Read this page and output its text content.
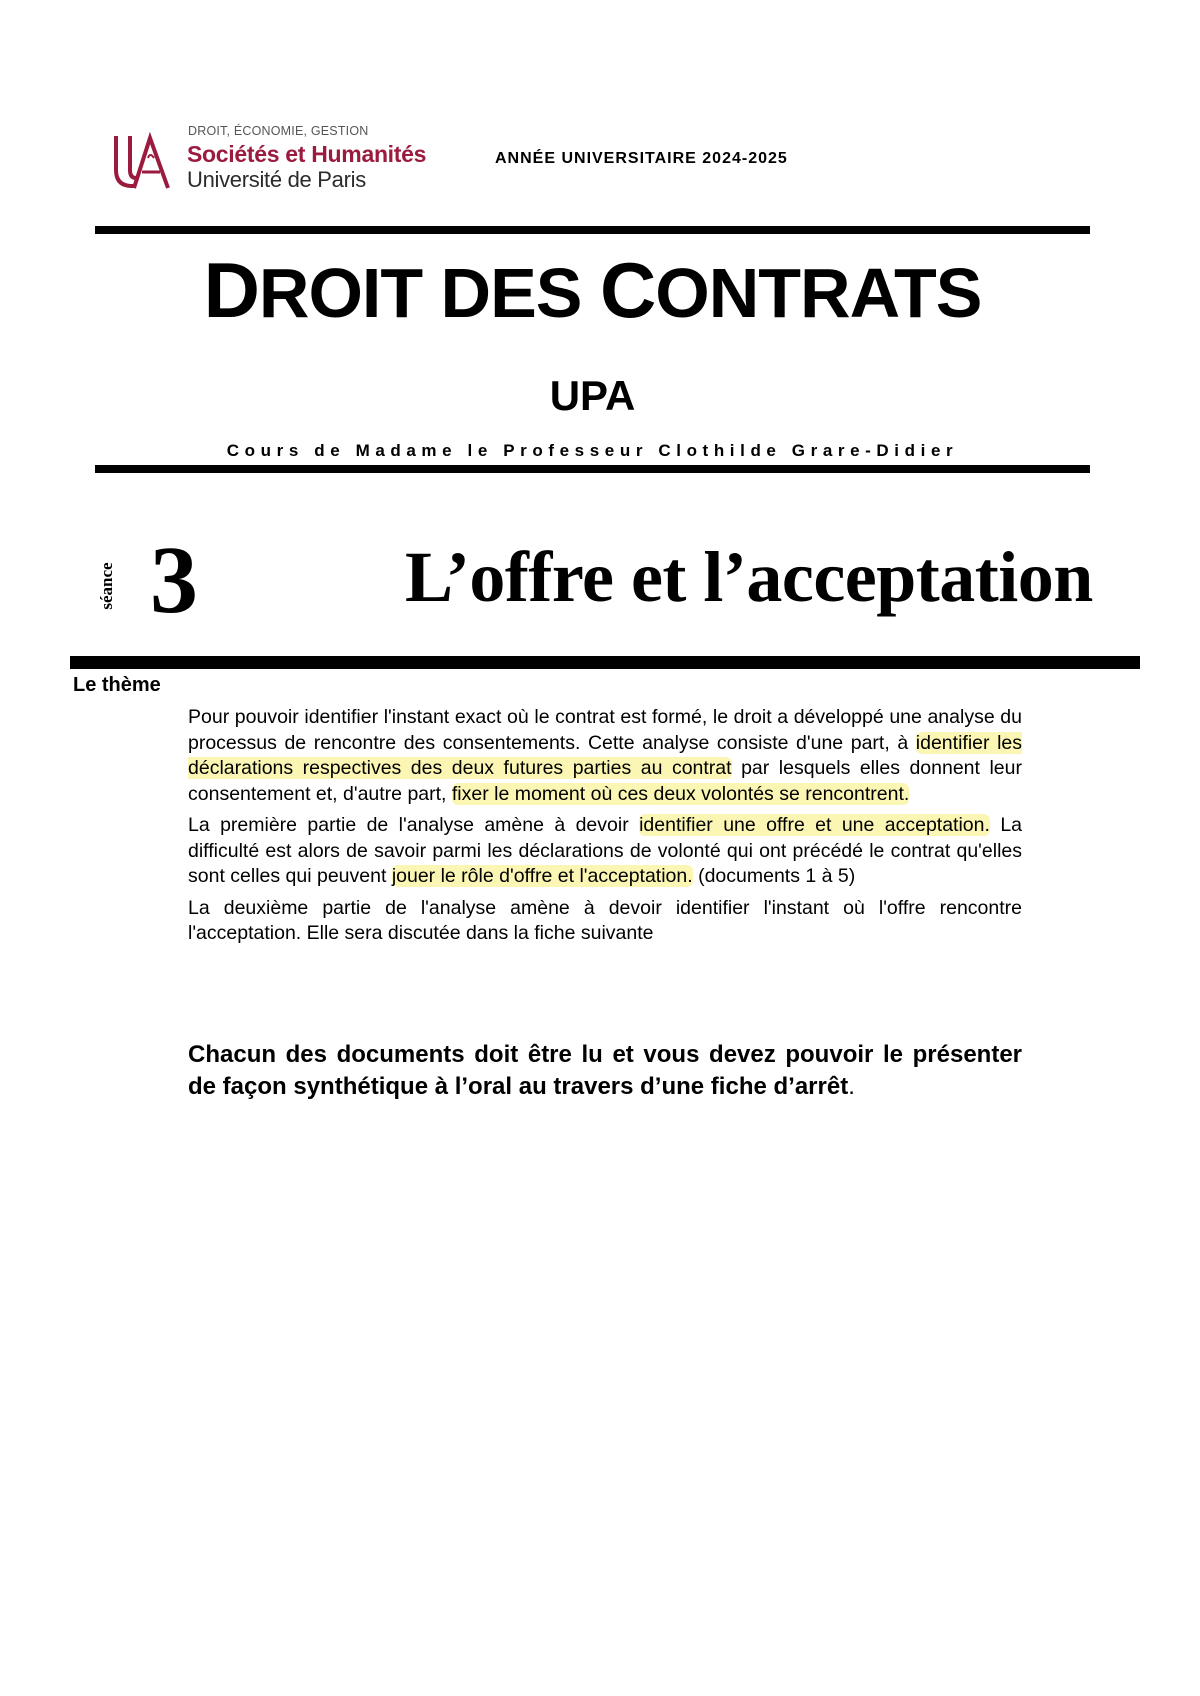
DROIT, ÉCONOMIE, GESTION
Sociétés et Humanités
Université de Paris
ANNÉE UNIVERSITAIRE 2024-2025
DROIT DES CONTRATS
UPA
Cours de Madame le Professeur Clothilde Grare-Didier
séance 3	L’offre et l’acceptation
Le thème

Pour pouvoir identifier l'instant exact où le contrat est formé, le droit a développé une analyse du processus de rencontre des consentements. Cette analyse consiste d'une part, à identifier les déclarations respectives des deux futures parties au contrat par lesquels elles donnent leur consentement et, d'autre part, fixer le moment où ces deux volontés se rencontrent.

La première partie de l'analyse amène à devoir identifier une offre et une acceptation. La difficulté est alors de savoir parmi les déclarations de volonté qui ont précédé le contrat qu'elles sont celles qui peuvent jouer le rôle d'offre et l'acceptation. (documents 1 à 5)

La deuxième partie de l'analyse amène à devoir identifier l'instant où l'offre rencontre l'acceptation. Elle sera discutée dans la fiche suivante

Chacun des documents doit être lu et vous devez pouvoir le présenter de façon synthétique à l’oral au travers d’une fiche d’arrêt.
